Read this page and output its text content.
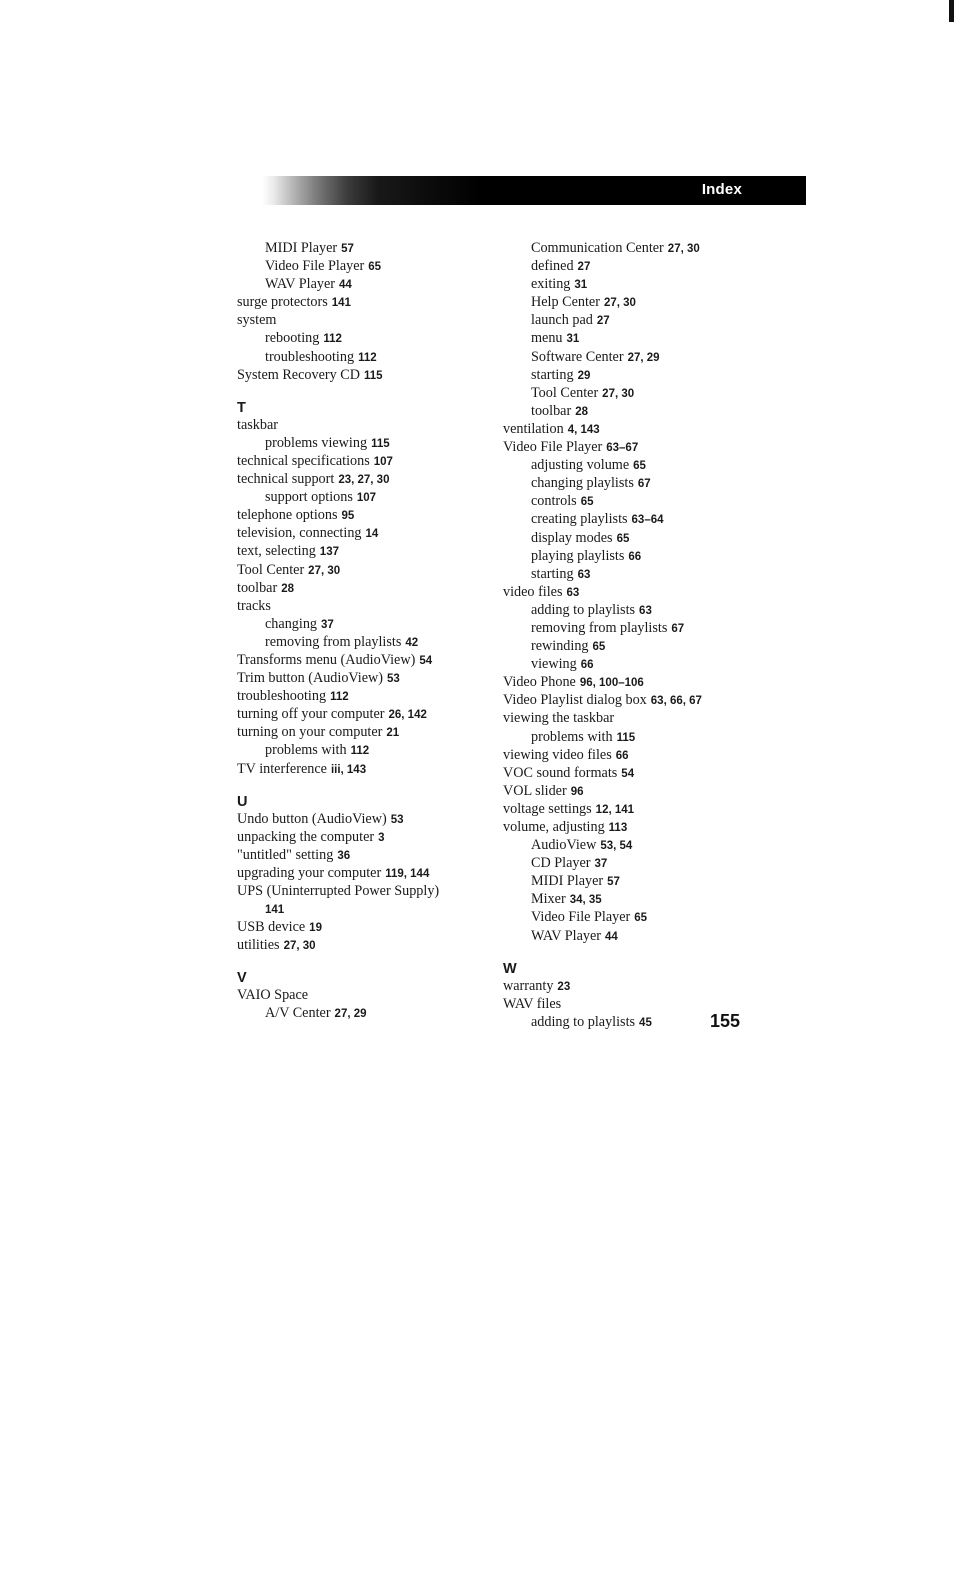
Index
MIDI Player 57
Video File Player 65
WAV Player 44
surge protectors 141
system
rebooting 112
troubleshooting 112
System Recovery CD 115
T
taskbar
problems viewing 115
technical specifications 107
technical support 23, 27, 30
support options 107
telephone options 95
television, connecting 14
text, selecting 137
Tool Center 27, 30
toolbar 28
tracks
changing 37
removing from playlists 42
Transforms menu (AudioView) 54
Trim button (AudioView) 53
troubleshooting 112
turning off your computer 26, 142
turning on your computer 21
problems with 112
TV interference iii, 143
U
Undo button (AudioView) 53
unpacking the computer 3
"untitled" setting 36
upgrading your computer 119, 144
UPS (Uninterrupted Power Supply)
141
USB device 19
utilities 27, 30
V
VAIO Space
A/V Center 27, 29
Communication Center 27, 30
defined 27
exiting 31
Help Center 27, 30
launch pad 27
menu 31
Software Center 27, 29
starting 29
Tool Center 27, 30
toolbar 28
ventilation 4, 143
Video File Player 63–67
adjusting volume 65
changing playlists 67
controls 65
creating playlists 63–64
display modes 65
playing playlists 66
starting 63
video files 63
adding to playlists 63
removing from playlists 67
rewinding 65
viewing 66
Video Phone 96, 100–106
Video Playlist dialog box 63, 66, 67
viewing the taskbar
problems with 115
viewing video files 66
VOC sound formats 54
VOL slider 96
voltage settings 12, 141
volume, adjusting 113
AudioView 53, 54
CD Player 37
MIDI Player 57
Mixer 34, 35
Video File Player 65
WAV Player 44
W
warranty 23
WAV files
adding to playlists 45	155
